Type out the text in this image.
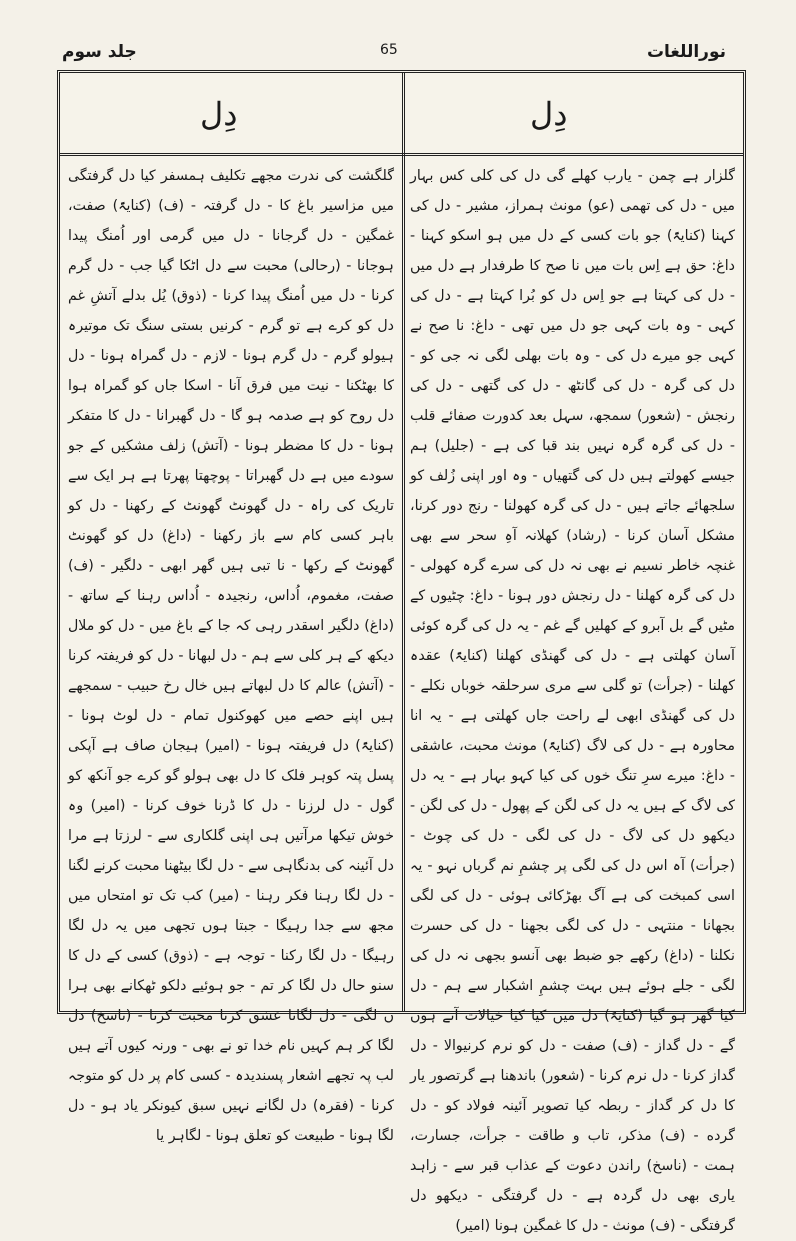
جلد سوم	65	نوراللغات
دِل	دِل

گلزار ہے چمن - یارب کھلے گی دل کی کلی کس بہار میں - دل کی تھمی (عو) مونث ہمراز، مشیر - دل کی کہنا (کنایۃً) جو بات کسی کے دل میں ہو اسکو کہنا - داغ: حق ہے اِس بات میں نا صح کا طرفدار ہے دل میں - دل کی کہتا ہے جو اِس دل کو بُرا کہتا ہے - دل کی کہی - وہ بات کہی جو دل میں تھی - داغ: نا صح نے کہی جو میرے دل کی - وہ بات بھلی لگی نہ جی کو - دل کی گرہ - دل کی گانٹھ - دل کی گتھی - دل کی رنجش - (شعور) سمجھ، سہل بعد کدورت صفائے قلب - دل کی گرہ گرہ نہیں بند قبا کی ہے - (جلیل) ہم جیسے کھولتے ہیں دل کی گتھیاں - وہ اور اپنی زُلف کو سلجھائے جاتے ہیں - دل کی گرہ کھولنا - رنج دور کرنا، مشکل آسان کرنا - (رشاد) کھلانہ آہِ سحر سے بھی غنچہ خاطر نسیم نے بھی نہ دل کی سرے گرہ کھولی - دل کی گرہ کھلنا - دل رنجش دور ہونا - داغ: چٹیوں کے مٹیں گے بل آبرو کے کھلیں گے غم - یہ دل کی گرہ کوئی آسان کھلتی ہے - دل کی گھنڈی کھلنا (کنایۃً) عقدہ کھلنا - (جرأت) تو گلی سے مری سرحلقہ خوباں نکلے - دل کی گھنڈی ابھی لے راحت جاں کھلتی ہے - یہ انا محاورہ ہے - دل کی لاگ (کنایۃً) مونث محبت، عاشقی - داغ: میرے سرِ تنگ خوں کی کیا کہو بہار ہے - یہ دل کی لاگ کے ہیں یہ دل کی لگن کے پھول - دل کی لگن - دیکھو دل کی لاگ - دل کی لگی - دل کی چوٹ - (جرأت) آہ اس دل کی لگی پر چشمِ نم گرباں نہو - یہ اسی کمبخت کی ہے آگ بھڑکائی ہوئی - دل کی لگی بجھانا - منتہی - دل کی لگی بجھنا - دل کی حسرت نکلنا - (داغ) رکھے جو ضبط بھی آنسو بجھی نہ دل کی لگی - جلے ہوئے ہیں بہت چشمِ اشکبار سے ہم - دل کیا گھر ہو گیا (کنایۃً) دل میں کیا کیا خیالات آتے ہوں گے - دل گداز - (ف) صفت - دل کو نرم کرنیوالا - دل گداز کرنا - دل نرم کرنا - (شعور) باندھنا ہے گرتصور یار کا دل کر گداز - ربطہ کیا تصویر آئینہ فولاد کو - دل گرده - (ف) مذکر، تاب و طاقت - جرأت، جسارت، ہمت - (ناسخ) راندن دعوت کے عذاب قبر سے - زاہد یاری بھی دل گردہ ہے - دل گرفتگی - دیکھو دل گرفتگی - (ف) مونث - دل کا غمگین ہونا (امیر)

گلگشت کی ندرت مجھے تکلیف ہمسفر کیا دل گرفتگی میں مزاسیر باغ کا - دل گرفتہ - (ف) (کنایۃً) صفت، غمگین - دل گرجانا - دل میں گرمی اور اُمنگ پیدا ہوجانا - (رحالی) محبت سے دل اٹکا گیا جب - دل گرم کرنا - دل میں اُمنگ پیدا کرنا - (ذوق) یُل بدلے آتشِ غم دل کو کرے ہے تو گرم - کرنیں بستی سنگ تک موتیرہ ہیولو گرم - دل گرم ہونا - لازم - دل گمراہ ہونا - دل کا بھٹکنا - نیت میں فرق آنا - اسکا جاں کو گمراہ ہوا دل روح کو ہے صدمہ ہو گا - دل گھبرانا - دل کا متفکر ہونا - دل کا مضطر ہونا - (آتش) زلف مشکیں کے جو سودے میں ہے دل گھبراتا - پوچھتا پھرتا ہے ہر ایک سے تاریک کی راہ - دل گھونٹ گھونٹ کے رکھنا - دل کو باہر کسی کام سے باز رکھنا - (داغ) دل کو گھونٹ گھونٹ کے رکھا - نا تبی ہیں گھر ابھی - دلگیر - (ف) صفت، مغموم، اُداس، رنجیدہ - اُداس رہنا کے ساتھ - (داغ) دلگیر اسقدر رہی کہ جا کے باغ میں - دل کو ملال دیکھ کے ہر کلی سے ہم - دل لبھانا - دل کو فریفتہ کرنا - (آتش) عالم کا دل لبھاتے ہیں خال رخ حبیب - سمجھے ہیں اپنے حصے میں کھوکنول تمام - دل لوٹ ہونا - (کنایۃً) دل فریفتہ ہونا - (امیر) ہیجان صاف ہے آپکی پسل پتہ کوہر فلک کا دل بھی ہولو گو کرے جو آنکھ کو گول - دل لرزنا - دل کا ڈرنا خوف کرنا - (امیر) وہ خوش تیکھا مرآتیں ہی اپنی گلکاری سے - لرزتا ہے مرا دل آئینہ کی بدنگاہی سے - دل لگا بیٹھنا محبت کرنے لگنا - دل لگا رہنا فکر رہنا - (میر) کب تک تو امتحاں میں مجھ سے جدا رہیگا - جبتا ہوں تجھی میں یہ دل لگا رہیگا - دل لگا رکنا - توجہ ہے - (ذوق) کسی کے دل کا سنو حال دل لگا کر تم - جو ہوئیے دلکو ٹھکانے بھی ہرا ں لگی - دل لگانا عشق کرنا محبت کرنا - (ناسخ) دل لگا کر ہم کہیں نام خدا تو نے بھی - ورنہ کیوں آتے ہیں لب پہ تجھے اشعار پسندیدہ - کسی کام پر دل کو متوجہ کرنا - (فقرہ) دل لگانے نہیں سبق کیونکر یاد ہو - دل لگا ہونا - طبیعت کو تعلق ہونا - لگاہر یا
